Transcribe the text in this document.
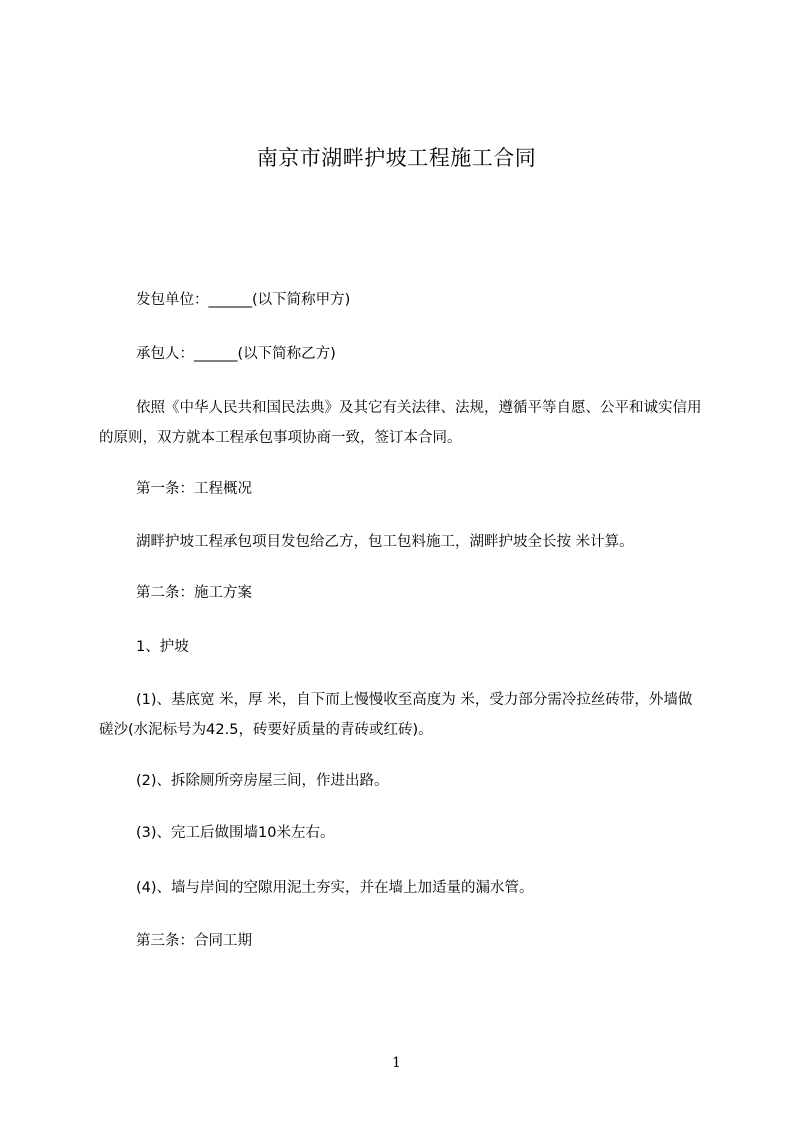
南京市湖畔护坡工程施工合同
发包单位：______(以下简称甲方)
承包人：______(以下简称乙方)
依照《中华人民共和国民法典》及其它有关法律、法规，遵循平等自愿、公平和诚实信用的原则，双方就本工程承包事项协商一致，签订本合同。
第一条：工程概况
湖畔护坡工程承包项目发包给乙方，包工包料施工，湖畔护坡全长按 米计算。
第二条：施工方案
1、护坡
(1)、基底宽 米，厚 米，自下而上慢慢收至高度为 米，受力部分需冷拉丝砖带，外墙做磋沙(水泥标号为42.5，砖要好质量的青砖或红砖)。
(2)、拆除厕所旁房屋三间，作进出路。
(3)、完工后做围墙10米左右。
(4)、墙与岸间的空隙用泥土夯实，并在墙上加适量的漏水管。
第三条：合同工期
1
